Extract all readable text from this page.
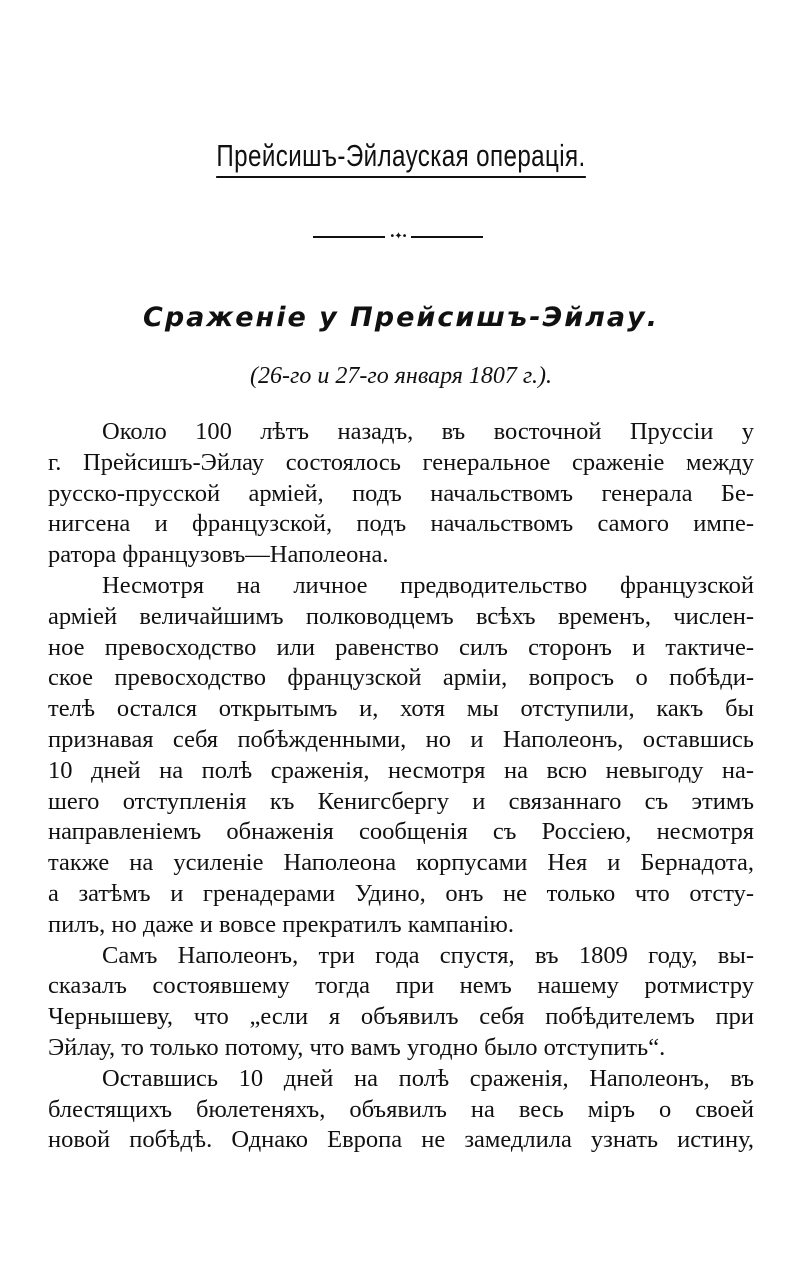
Прейсишъ-Эйлауская операція.
•✦•
Сраженіе у Прейсишъ-Эйлау.
(26-го и 27-го января 1807 г.).
Около 100 лѣтъ назадъ, въ восточной Пруссіи у
г. Прейсишъ-Эйлау состоялось генеральное сраженіе между
русско-прусской арміей, подъ начальствомъ генерала Бе-
нигсена и французской, подъ начальствомъ самого импе-
ратора французовъ—Наполеона.
Несмотря на личное предводительство французской
арміей величайшимъ полководцемъ всѣхъ временъ, числен-
ное превосходство или равенство силъ сторонъ и тактиче-
ское превосходство французской арміи, вопросъ о побѣди-
телѣ остался открытымъ и, хотя мы отступили, какъ бы
признавая себя побѣжденными, но и Наполеонъ, оставшись
10 дней на полѣ сраженія, несмотря на всю невыгоду на-
шего отступленія къ Кенигсбергу и связаннаго съ этимъ
направленіемъ обнаженія сообщенія съ Россіею, несмотря
также на усиленіе Наполеона корпусами Нея и Бернадота,
а затѣмъ и гренадерами Удино, онъ не только что отсту-
пилъ, но даже и вовсе прекратилъ кампанію.
Самъ Наполеонъ, три года спустя, въ 1809 году, вы-
сказалъ состоявшему тогда при немъ нашему ротмистру
Чернышеву, что „если я объявилъ себя побѣдителемъ при
Эйлау, то только потому, что вамъ угодно было отступить“.
Оставшись 10 дней на полѣ сраженія, Наполеонъ, въ
блестящихъ бюлетеняхъ, объявилъ на весь міръ о своей
новой побѣдѣ. Однако Европа не замедлила узнать истину,
